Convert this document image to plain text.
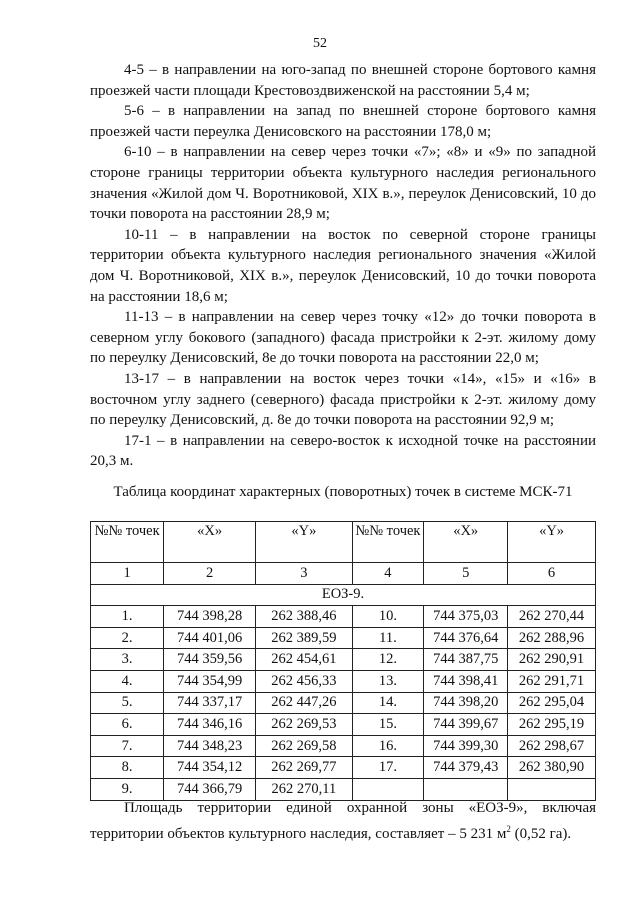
52

4-5 – в направлении на юго-запад по внешней стороне бортового камня проезжей части площади Крестовоздвиженской на расстоянии 5,4 м;

5-6 – в направлении на запад по внешней стороне бортового камня проезжей части переулка Денисовского на расстоянии 178,0 м;

6-10 – в направлении на север через точки «7»; «8» и «9» по западной стороне границы территории объекта культурного наследия регионального значения «Жилой дом Ч. Воротниковой, XIX в.», переулок Денисовский, 10 до точки поворота на расстоянии 28,9 м;

10-11 – в направлении на восток по северной стороне границы территории объекта культурного наследия регионального значения «Жилой дом Ч. Воротниковой, XIX в.», переулок Денисовский, 10 до точки поворота на расстоянии 18,6 м;

11-13 – в направлении на север через точку «12» до точки поворота в северном углу бокового (западного) фасада пристройки к 2-эт. жилому дому по переулку Денисовский, 8е до точки поворота на расстоянии 22,0 м;

13-17 – в направлении на восток через точки «14», «15» и «16» в восточном углу заднего (северного) фасада пристройки к 2-эт. жилому дому по переулку Денисовский, д. 8е до точки поворота на расстоянии 92,9 м;

17-1 – в направлении на северо-восток к исходной точке на расстоянии 20,3 м.

Таблица координат характерных (поворотных) точек в системе МСК-71
№№ точек	«X»	«Y»	№№ точек	«X»	«Y»
1	2	3	4	5	6
ЕОЗ-9.					
1.	744 398,28	262 388,46	10.	744 375,03	262 270,44
2.	744 401,06	262 389,59	11.	744 376,64	262 288,96
3.	744 359,56	262 454,61	12.	744 387,75	262 290,91
4.	744 354,99	262 456,33	13.	744 398,41	262 291,71
5.	744 337,17	262 447,26	14.	744 398,20	262 295,04
6.	744 346,16	262 269,53	15.	744 399,67	262 295,19
7.	744 348,23	262 269,58	16.	744 399,30	262 298,67
8.	744 354,12	262 269,77	17.	744 379,43	262 380,90
9.	744 366,79	262 270,11			

Площадь территории единой охранной зоны «ЕОЗ-9», включая территории объектов культурного наследия, составляет – 5 231 $м^2$ (0,52 га).
